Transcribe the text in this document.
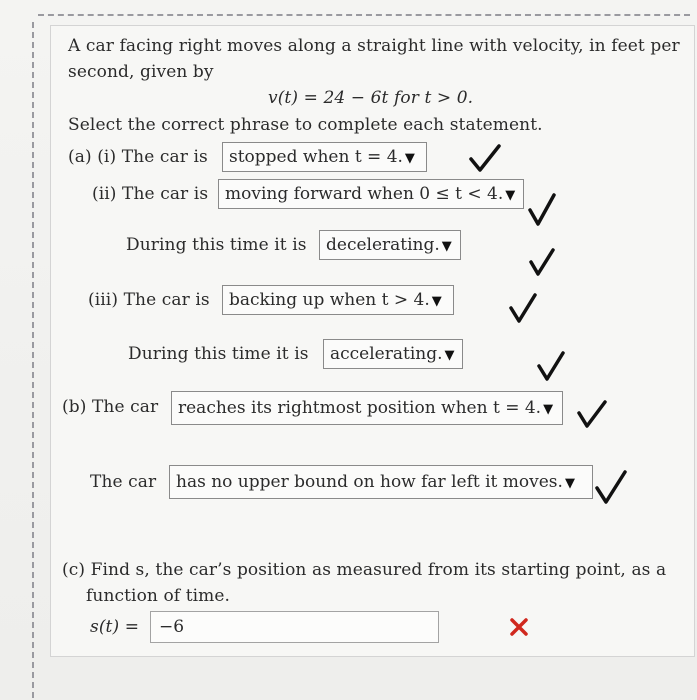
A car facing right moves along a straight line with velocity, in feet per
second, given by
v(t) = 24 − 6t for t > 0.
Select the correct phrase to complete each statement.
(a) (i) The car is	stopped when t = 4. ▼
(ii) The car is moving forward when 0 ≤ t < 4. ▼
During this time it is	decelerating. ▼
(iii) The car is	backing up when t > 4. ▼
During this time it is	accelerating. ▼
(b) The car	reaches its rightmost position when t = 4. ▼
The car	has no upper bound on how far left it moves. ▼
(c) Find s, the car’s position as measured from its starting point, as a
function of time.
s(t) =	−6
